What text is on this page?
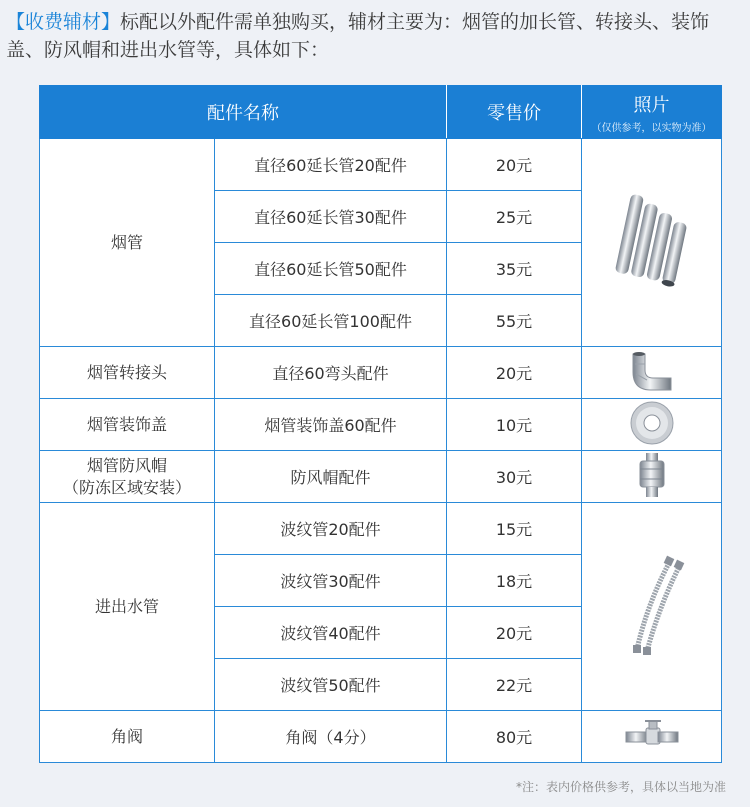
【收费辅材】标配以外配件需单独购买，辅材主要为：烟管的加长管、转接头、装饰盖、防风帽和进出水管等，具体如下：
配件名称		零售价	照片
（仅供参考，以实物为准）

烟管	直径60延长管20配件	20元	
	直径60延长管30配件	25元	
	直径60延长管50配件	35元	
	直径60延长管100配件	55元	
烟管转接头	直径60弯头配件	20元	
烟管装饰盖	烟管装饰盖60配件	10元	
烟管防风帽
（防冻区域安装）	防风帽配件	30元	
进出水管	波纹管20配件	15元	
	波纹管30配件	18元	
	波纹管40配件	20元	
	波纹管50配件	22元	
角阀	角阀（4分）	80元	
*注：表内价格供参考，具体以当地为准
